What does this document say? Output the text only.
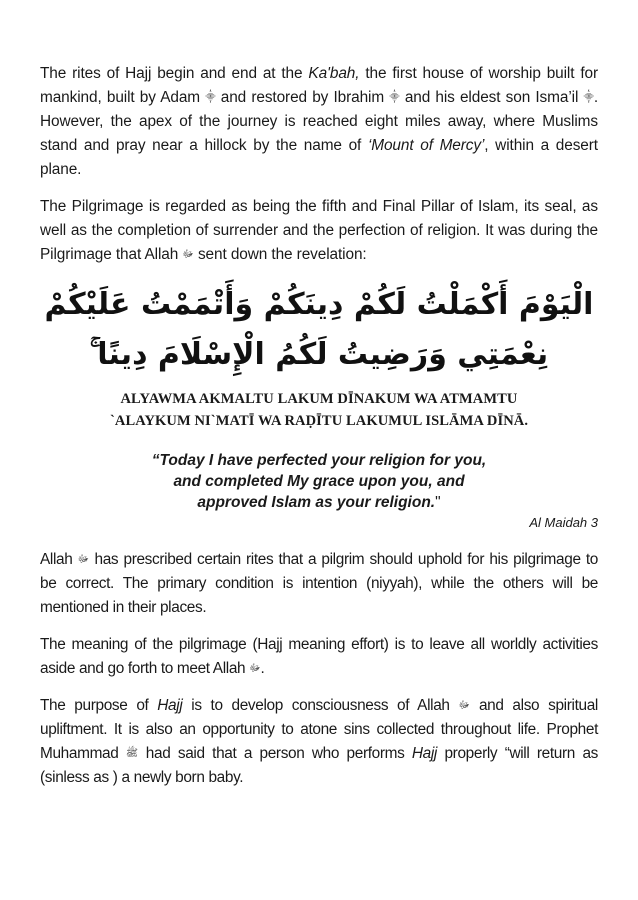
The rites of Hajj begin and end at the Ka'bah, the first house of worship built for mankind, built by Adam ⸎ and restored by Ibrahim ⸎ and his eldest son Isma’il ⸎. However, the apex of the journey is reached eight miles away, where Muslims stand and pray near a hillock by the name of ‘Mount of Mercy’, within a desert plane.

The Pilgrimage is regarded as being the fifth and Final Pillar of Islam, its seal, as well as the completion of surrender and the perfection of religion. It was during the Pilgrimage that Allah ﷻ sent down the revelation:

الْيَوْمَ أَكْمَلْتُ لَكُمْ دِينَكُمْ وَأَتْمَمْتُ عَلَيْكُمْ

نِعْمَتِي وَرَضِيتُ لَكُمُ الْإِسْلَامَ دِينًا ۚ

ALYAWMA AKMALTU LAKUM DĪNAKUM WA ATMAMTU

`ALAYKUM NI`MATĪ WA RAḌĪTU LAKUMUL ISLĀMA DĪNĀ.

“Today I have perfected your religion for you,
and completed My grace upon you, and
approved Islam as your religion."

Al Maidah 3

Allah ﷻ has prescribed certain rites that a pilgrim should uphold for his pilgrimage to be correct. The primary condition is intention (niyyah), while the others will be mentioned in their places.

The meaning of the pilgrimage (Hajj meaning effort) is to leave all worldly activities aside and go forth to meet Allah ﷻ.

The purpose of Hajj is to develop consciousness of Allah ﷻ and also spiritual upliftment. It is also an opportunity to atone sins collected throughout life. Prophet Muhammad ﷺ had said that a person who performs Hajj properly “will return as (sinless as ) a newly born baby.
